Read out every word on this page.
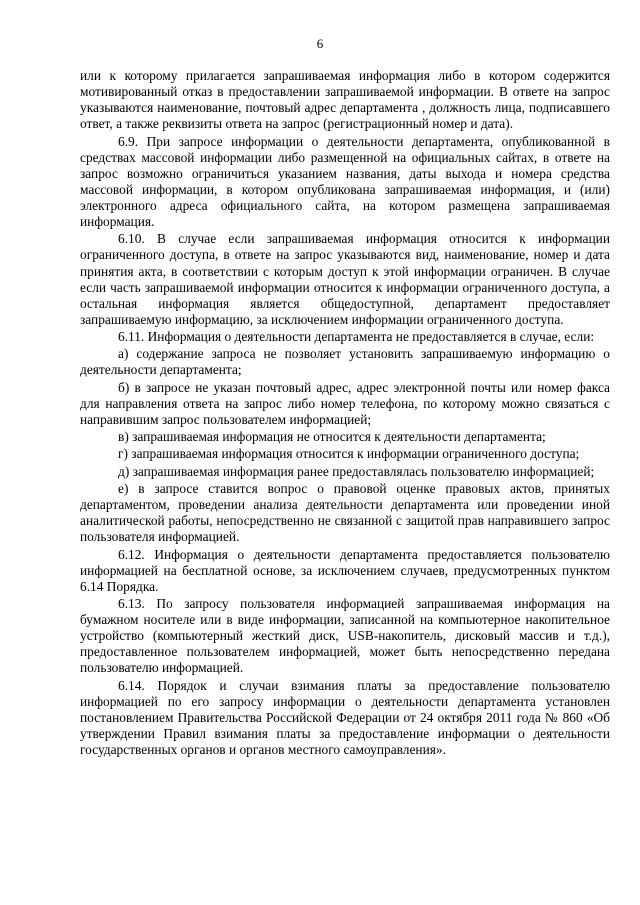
6

или к которому прилагается запрашиваемая информация либо в котором содержится мотивированный отказ в предоставлении запрашиваемой информации. В ответе на запрос указываются наименование, почтовый адрес департамента , должность лица, подписавшего ответ, а также реквизиты ответа на запрос (регистрационный номер и дата).

6.9. При запросе информации о деятельности департамента, опубликованной в средствах массовой информации либо размещенной на официальных сайтах, в ответе на запрос возможно ограничиться указанием названия, даты выхода и номера средства массовой информации, в котором опубликована запрашиваемая информация, и (или) электронного адреса официального сайта, на котором размещена запрашиваемая информация.

6.10. В случае если запрашиваемая информация относится к информации ограниченного доступа, в ответе на запрос указываются вид, наименование, номер и дата принятия акта, в соответствии с которым доступ к этой информации ограничен. В случае если часть запрашиваемой информации относится к информации ограниченного доступа, а остальная информация является общедоступной, департамент предоставляет запрашиваемую информацию, за исключением информации ограниченного доступа.

6.11. Информация о деятельности департамента не предоставляется в случае, если:

а) содержание запроса не позволяет установить запрашиваемую информацию о деятельности департамента;

б) в запросе не указан почтовый адрес, адрес электронной почты или номер факса для направления ответа на запрос либо номер телефона, по которому можно связаться с направившим запрос пользователем информацией;

в) запрашиваемая информация не относится к деятельности департамента;

г) запрашиваемая информация относится к информации ограниченного доступа;

д) запрашиваемая информация ранее предоставлялась пользователю информацией;

е) в запросе ставится вопрос о правовой оценке правовых актов, принятых департаментом, проведении анализа деятельности департамента или проведении иной аналитической работы, непосредственно не связанной с защитой прав направившего запрос пользователя информацией.

6.12. Информация о деятельности департамента предоставляется пользователю информацией на бесплатной основе, за исключением случаев, предусмотренных пунктом 6.14 Порядка.

6.13. По запросу пользователя информацией запрашиваемая информация на бумажном носителе или в виде информации, записанной на компьютерное накопительное устройство (компьютерный жесткий диск, USB-накопитель, дисковый массив и т.д.), предоставленное пользователем информацией, может быть непосредственно передана пользователю информацией.

6.14. Порядок и случаи взимания платы за предоставление пользователю информацией по его запросу информации о деятельности департамента установлен постановлением Правительства Российской Федерации от 24 октября 2011 года № 860 «Об утверждении Правил взимания платы за предоставление информации о деятельности государственных органов и органов местного самоуправления».
